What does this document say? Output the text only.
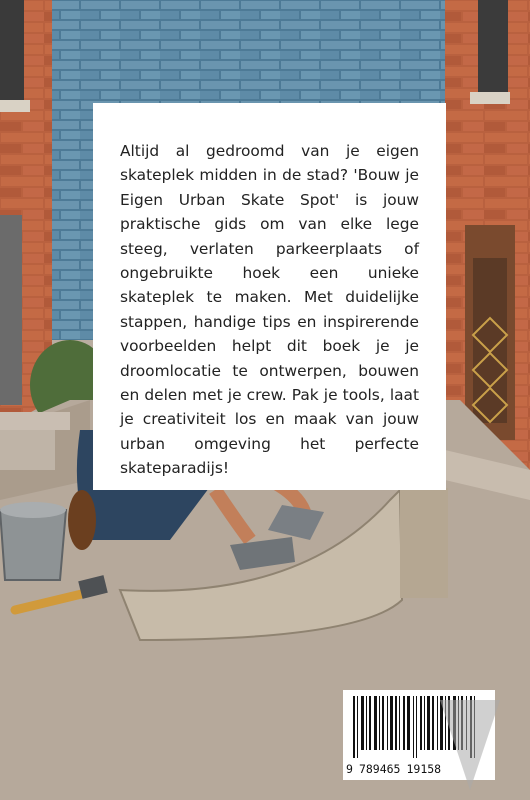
Altijd al gedroomd van je eigen skateplek midden in de stad? 'Bouw je Eigen Urban Skate Spot' is jouw praktische gids om van elke lege steeg, verlaten parkeerplaats of ongebruikte hoek een unieke skateplek te maken. Met duidelijke stappen, handige tips en inspirerende voorbeelden helpt dit boek je je droomlocatie te ontwerpen, bouwen en delen met je crew. Pak je tools, laat je creativiteit los en maak van jouw urban omgeving het perfecte skateparadijs!

9 789465 19158
